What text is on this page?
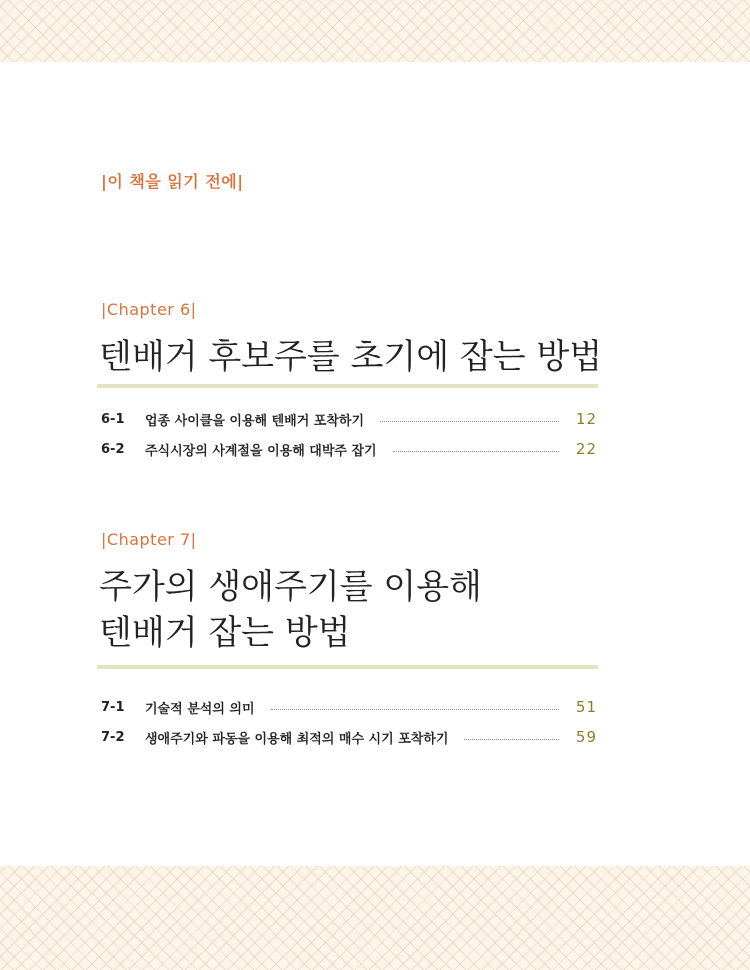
|이 책을 읽기 전에|
|Chapter 6|
텐배거 후보주를 초기에 잡는 방법
6-1	업종 사이클을 이용해 텐배거 포착하기	12
6-2	주식시장의 사계절을 이용해 대박주 잡기	22
|Chapter 7|
주가의 생애주기를 이용해
텐배거 잡는 방법
7-1	기술적 분석의 의미	51
7-2	생애주기와 파동을 이용해 최적의 매수 시기 포착하기	59
